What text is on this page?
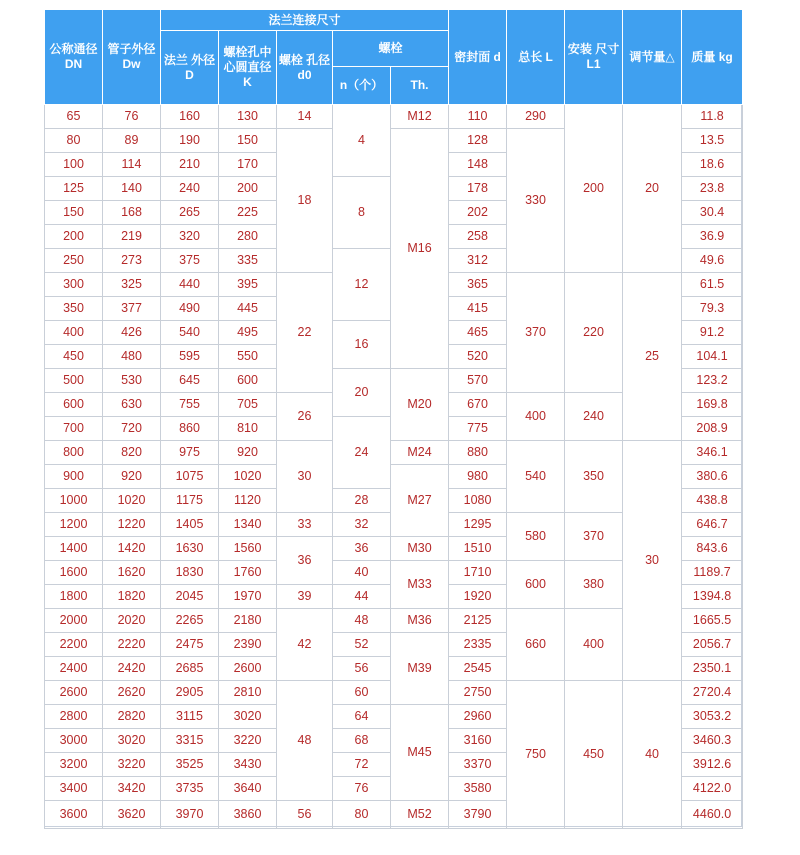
公称通径 DN	管子外径 Dw	法兰连接尺寸					密封面 d	总长 L	安装 尺寸 L1	调节量△	质量 kg
		法兰 外径 D	螺栓孔中 心圆直径 K	螺栓 孔径 d0	螺栓						
					n（个）	Th.					

65	76	160	130	14	4	M12	110	290	200	20	11.8
80	89	190	150	18		M16	128	330			13.5
100	114	210	170				148				18.6
125	140	240	200		8		178				23.8
150	168	265	225				202				30.4
200	219	320	280				258				36.9
250	273	375	335		12		312				49.6
300	325	440	395	22			365	370	220	25	61.5
350	377	490	445				415				79.3
400	426	540	495		16		465				91.2
450	480	595	550				520				104.1
500	530	645	600		20	M20	570				123.2
600	630	755	705	26			670	400	240		169.8
700	720	860	810		24		775				208.9
800	820	975	920	30		M24	880	540	350	30	346.1
900	920	1075	1020			M27	980				380.6
1000	1020	1175	1120		28		1080				438.8
1200	1220	1405	1340	33	32		1295	580	370		646.7
1400	1420	1630	1560	36	36	M30	1510				843.6
1600	1620	1830	1760		40	M33	1710	600	380		1189.7
1800	1820	2045	1970	39	44		1920				1394.8
2000	2020	2265	2180	42	48	M36	2125	660	400		1665.5
2200	2220	2475	2390		52	M39	2335				2056.7
2400	2420	2685	2600		56		2545				2350.1
2600	2620	2905	2810	48	60		2750	750	450	40	2720.4
2800	2820	3115	3020		64	M45	2960				3053.2
3000	3020	3315	3220		68		3160				3460.3
3200	3220	3525	3430		72		3370				3912.6
3400	3420	3735	3640		76		3580				4122.0
3600	3620	3970	3860	56	80	M52	3790				4460.0
